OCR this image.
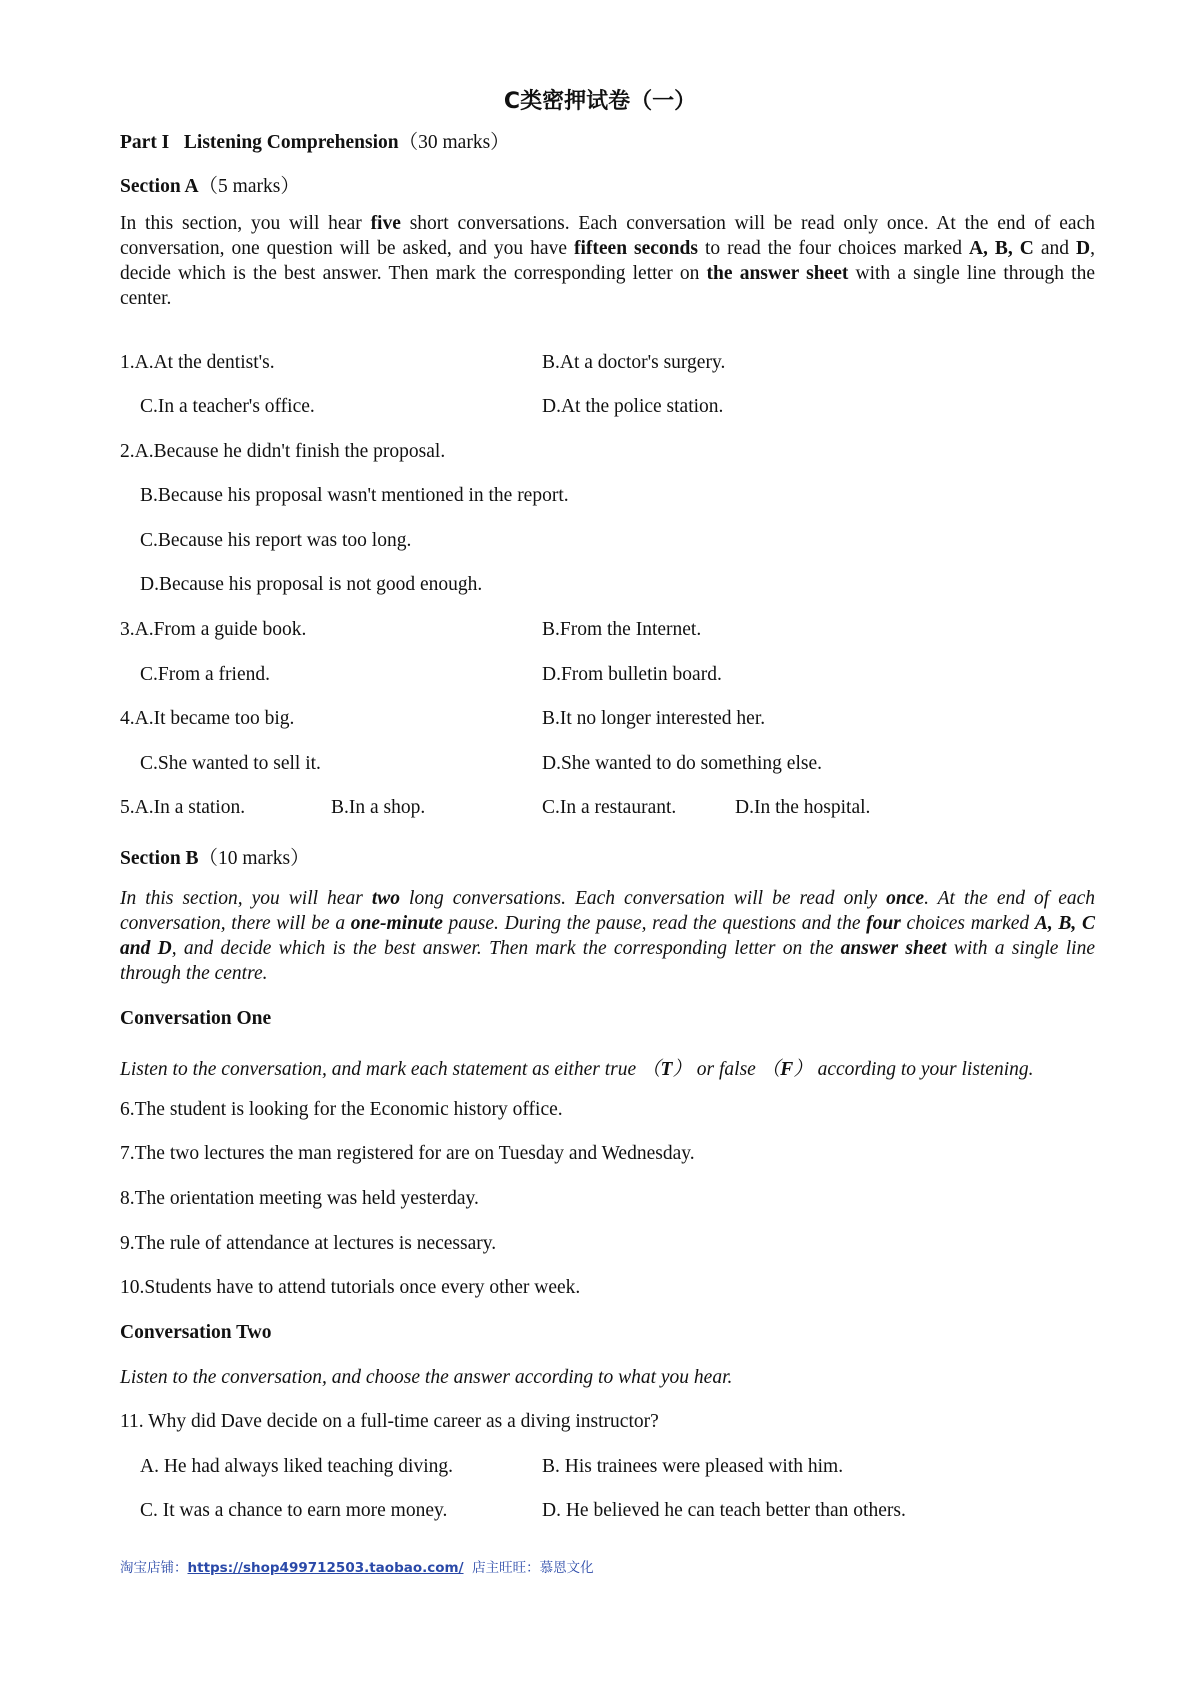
C类密押试卷（一）
Part I Listening Comprehension（30 marks）
Section A（5 marks）
In this section, you will hear five short conversations. Each conversation will be read only once. At the end of each conversation, one question will be asked, and you have fifteen seconds to read the four choices marked A, B, C and D, decide which is the best answer. Then mark the corresponding letter on the answer sheet with a single line through the center.
1.A.At the dentist's.	B.At a doctor's surgery.
C.In a teacher's office.	D.At the police station.
2.A.Because he didn't finish the proposal.
B.Because his proposal wasn't mentioned in the report.
C.Because his report was too long.
D.Because his proposal is not good enough.
3.A.From a guide book.	B.From the Internet.
C.From a friend.	D.From bulletin board.
4.A.It became too big.	B.It no longer interested her.
C.She wanted to sell it.	D.She wanted to do something else.
5.A.In a station.	B.In a shop.	C.In a restaurant.	D.In the hospital.
Section B（10 marks）
In this section, you will hear two long conversations. Each conversation will be read only once. At the end of each conversation, there will be a one-minute pause. During the pause, read the questions and the four choices marked A, B, C and D, and decide which is the best answer. Then mark the corresponding letter on the answer sheet with a single line through the centre.
Conversation One
Listen to the conversation, and mark each statement as either true （T） or false （F） according to your listening.
6.The student is looking for the Economic history office.
7.The two lectures the man registered for are on Tuesday and Wednesday.
8.The orientation meeting was held yesterday.
9.The rule of attendance at lectures is necessary.
10.Students have to attend tutorials once every other week.
Conversation Two
Listen to the conversation, and choose the answer according to what you hear.
11. Why did Dave decide on a full-time career as a diving instructor?
A. He had always liked teaching diving.	B. His trainees were pleased with him.
C. It was a chance to earn more money.	D. He believed he can teach better than others.
淘宝店铺：https://shop499712503.taobao.com/ 店主旺旺：慕恩文化
